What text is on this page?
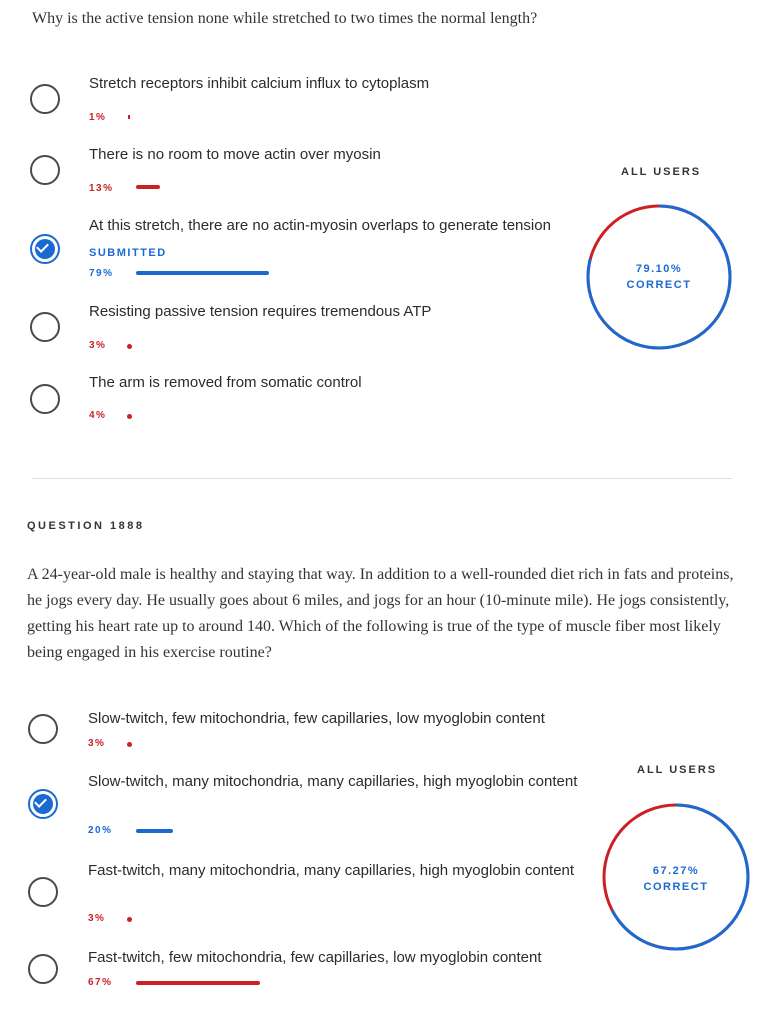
Why is the active tension none while stretched to two times the normal length?
Stretch receptors inhibit calcium influx to cytoplasm
1%
There is no room to move actin over myosin
13%
At this stretch, there are no actin-myosin overlaps to generate tension
SUBMITTED
79%
Resisting passive tension requires tremendous ATP
3%
The arm is removed from somatic control
4%
ALL USERS
79.10%
CORRECT
QUESTION 1888
A 24-year-old male is healthy and staying that way. In addition to a well-rounded diet rich in fats and proteins, he jogs every day. He usually goes about 6 miles, and jogs for an hour (10-minute mile). He jogs consistently, getting his heart rate up to around 140. Which of the following is true of the type of muscle fiber most likely being engaged in his exercise routine?
Slow-twitch, few mitochondria, few capillaries, low myoglobin content
3%
Slow-twitch, many mitochondria, many capillaries, high myoglobin content
20%
Fast-twitch, many mitochondria, many capillaries, high myoglobin content
3%
Fast-twitch, few mitochondria, few capillaries, low myoglobin content
67%
ALL USERS
67.27%
CORRECT
